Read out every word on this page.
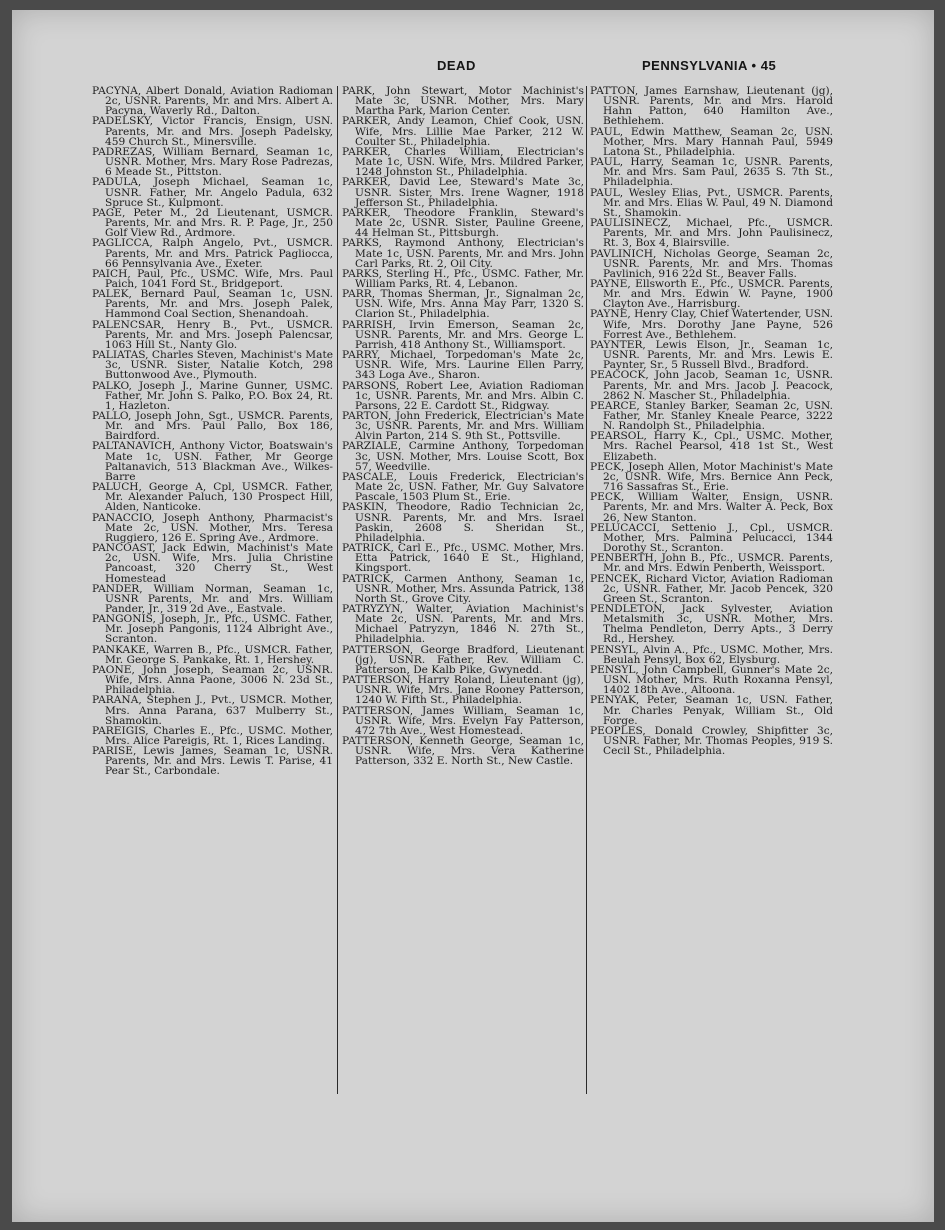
DEAD	PENNSYLVANIA • 45
PACYNA, Albert Donald, Aviation Radioman 2c, USNR. Parents, Mr. and Mrs. Albert A. Pacyna, Waverly Rd., Dalton.
PADELSKY, Victor Francis, Ensign, USN. Parents, Mr. and Mrs. Joseph Padelsky, 459 Church St., Minersville.
PADREZAS, William Bernard, Seaman 1c, USNR. Mother, Mrs. Mary Rose Padrezas, 6 Meade St., Pittston.
PADULA, Joseph Michael, Seaman 1c, USNR. Father, Mr. Angelo Padula, 632 Spruce St., Kulpmont.
PAGE, Peter M., 2d Lieutenant, USMCR. Parents, Mr. and Mrs. R. P. Page, Jr., 250 Golf View Rd., Ardmore.
PAGLICCA, Ralph Angelo, Pvt., USMCR. Parents, Mr. and Mrs. Patrick Pagliocca, 66 Pennsylvania Ave., Exeter.
PAICH, Paul, Pfc., USMC. Wife, Mrs. Paul Paich, 1041 Ford St., Bridgeport.
PALEK, Bernard Paul, Seaman 1c, USN. Parents, Mr. and Mrs. Joseph Palek, Hammond Coal Section, Shenandoah.
PALENCSAR, Henry B., Pvt., USMCR. Parents, Mr. and Mrs. Joseph Palencsar, 1063 Hill St., Nanty Glo.
PALIATAS, Charles Steven, Machinist's Mate 3c, USNR. Sister, Natalie Kotch, 298 Buttonwood Ave., Plymouth.
PALKO, Joseph J., Marine Gunner, USMC. Father, Mr. John S. Palko, P.O. Box 24, Rt. 1, Hazleton.
PALLO, Joseph John, Sgt., USMCR. Parents, Mr. and Mrs. Paul Pallo, Box 186, Bairdford.
PALTANAVICH, Anthony Victor, Boatswain's Mate 1c, USN. Father, Mr George Paltanavich, 513 Blackman Ave., Wilkes-Barre
PALUCH, George A, Cpl, USMCR. Father, Mr. Alexander Paluch, 130 Prospect Hill, Alden, Nanticoke.
PANACCIO, Joseph Anthony, Pharmacist's Mate 2c, USN. Mother, Mrs. Teresa Ruggiero, 126 E. Spring Ave., Ardmore.
PANCOAST, Jack Edwin, Machinist's Mate 2c, USN. Wife, Mrs. Julia Christine Pancoast, 320 Cherry St., West Homestead
PANDER, William Norman, Seaman 1c, USNR Parents, Mr. and Mrs. William Pander, Jr., 319 2d Ave., Eastvale.
PANGONIS, Joseph, Jr., Pfc., USMC. Father, Mr. Joseph Pangonis, 1124 Albright Ave., Scranton.
PANKAKE, Warren B., Pfc., USMCR. Father, Mr. George S. Pankake, Rt. 1, Hershey.
PAONE, John Joseph, Seaman 2c, USNR. Wife, Mrs. Anna Paone, 3006 N. 23d St., Philadelphia.
PARANA, Stephen J., Pvt., USMCR. Mother, Mrs. Anna Parana, 637 Mulberry St., Shamokin.
PAREIGIS, Charles E., Pfc., USMC. Mother, Mrs. Alice Pareigis, Rt. 1, Rices Landing.
PARISE, Lewis James, Seaman 1c, USNR. Parents, Mr. and Mrs. Lewis T. Parise, 41 Pear St., Carbondale.
PARK, John Stewart, Motor Machinist's Mate 3c, USNR. Mother, Mrs. Mary Martha Park, Marion Center.
PARKER, Andy Leamon, Chief Cook, USN. Wife, Mrs. Lillie Mae Parker, 212 W. Coulter St., Philadelphia.
PARKER, Charles William, Electrician's Mate 1c, USN. Wife, Mrs. Mildred Parker, 1248 Johnston St., Philadelphia.
PARKER, David Lee, Steward's Mate 3c, USNR. Sister, Mrs. Irene Wagner, 1918 Jefferson St., Philadelphia.
PARKER, Theodore Franklin, Steward's Mate 2c, USNR. Sister, Pauline Greene, 44 Helman St., Pittsburgh.
PARKS, Raymond Anthony, Electrician's Mate 1c, USN. Parents, Mr. and Mrs. John Carl Parks, Rt. 2, Oil City.
PARKS, Sterling H., Pfc., USMC. Father, Mr. William Parks, Rt. 4, Lebanon.
PARR, Thomas Sherman, Jr., Signalman 2c, USN. Wife, Mrs. Anna May Parr, 1320 S. Clarion St., Philadelphia.
PARRISH, Irvin Emerson, Seaman 2c, USNR. Parents, Mr. and Mrs. George L. Parrish, 418 Anthony St., Williamsport.
PARRY, Michael, Torpedoman's Mate 2c, USNR. Wife, Mrs. Laurine Ellen Parry, 343 Loga Ave., Sharon.
PARSONS, Robert Lee, Aviation Radioman 1c, USNR. Parents, Mr. and Mrs. Albin C. Parsons, 22 E. Cardott St., Ridgway.
PARTON, John Frederick, Electrician's Mate 3c, USNR. Parents, Mr. and Mrs. William Alvin Parton, 214 S. 9th St., Pottsville.
PARZIALE, Carmine Anthony, Torpedoman 3c, USN. Mother, Mrs. Louise Scott, Box 57, Weedville.
PASCALE, Louis Frederick, Electrician's Mate 2c, USN. Father, Mr. Guy Salvatore Pascale, 1503 Plum St., Erie.
PASKIN, Theodore, Radio Technician 2c, USNR. Parents, Mr. and Mrs. Israel Paskin, 2608 S. Sheridan St., Philadelphia.
PATRICK, Carl E., Pfc., USMC. Mother, Mrs. Etta Patrick, 1640 E St., Highland, Kingsport.
PATRICK, Carmen Anthony, Seaman 1c, USNR. Mother, Mrs. Assunda Patrick, 138 North St., Grove City.
PATRYZYN, Walter, Aviation Machinist's Mate 2c, USN. Parents, Mr. and Mrs. Michael Patryzyn, 1846 N. 27th St., Philadelphia.
PATTERSON, George Bradford, Lieutenant (jg), USNR. Father, Rev. William C. Patterson, De Kalb Pike, Gwynedd.
PATTERSON, Harry Roland, Lieutenant (jg), USNR. Wife, Mrs. Jane Rooney Patterson, 1240 W. Fifth St., Philadelphia.
PATTERSON, James William, Seaman 1c, USNR. Wife, Mrs. Evelyn Fay Patterson, 472 7th Ave., West Homestead.
PATTERSON, Kenneth George, Seaman 1c, USNR. Wife, Mrs. Vera Katherine Patterson, 332 E. North St., New Castle.
PATTON, James Earnshaw, Lieutenant (jg), USNR. Parents, Mr. and Mrs. Harold Hahn Patton, 640 Hamilton Ave., Bethlehem.
PAUL, Edwin Matthew, Seaman 2c, USN. Mother, Mrs. Mary Hannah Paul, 5949 Latona St., Philadelphia.
PAUL, Harry, Seaman 1c, USNR. Parents, Mr. and Mrs. Sam Paul, 2635 S. 7th St., Philadelphia.
PAUL, Wesley Elias, Pvt., USMCR. Parents, Mr. and Mrs. Elias W. Paul, 49 N. Diamond St., Shamokin.
PAULISINECZ, Michael, Pfc., USMCR. Parents, Mr. and Mrs. John Paulisinecz, Rt. 3, Box 4, Blairsville.
PAVLINICH, Nicholas George, Seaman 2c, USNR. Parents, Mr. and Mrs. Thomas Pavlinich, 916 22d St., Beaver Falls.
PAYNE, Ellsworth E., Pfc., USMCR. Parents, Mr. and Mrs. Edwin W. Payne, 1900 Clayton Ave., Harrisburg.
PAYNE, Henry Clay, Chief Watertender, USN. Wife, Mrs. Dorothy Jane Payne, 526 Forrest Ave., Bethlehem.
PAYNTER, Lewis Elson, Jr., Seaman 1c, USNR. Parents, Mr. and Mrs. Lewis E. Paynter, Sr., 5 Russell Blvd., Bradford.
PEACOCK, John Jacob, Seaman 1c, USNR. Parents, Mr. and Mrs. Jacob J. Peacock, 2862 N. Mascher St., Philadelphia.
PEARCE, Stanley Barker, Seaman 2c, USN. Father, Mr. Stanley Kneale Pearce, 3222 N. Randolph St., Philadelphia.
PEARSOL, Harry K., Cpl., USMC. Mother, Mrs. Rachel Pearsol, 418 1st St., West Elizabeth.
PECK, Joseph Allen, Motor Machinist's Mate 2c, USNR. Wife, Mrs. Bernice Ann Peck, 716 Sassafras St., Erie.
PECK, William Walter, Ensign, USNR. Parents, Mr. and Mrs. Walter A. Peck, Box 26, New Stanton.
PELUCACCI, Settenio J., Cpl., USMCR. Mother, Mrs. Palmina Pelucacci, 1344 Dorothy St., Scranton.
PENBERTH, John B., Pfc., USMCR. Parents, Mr. and Mrs. Edwin Penberth, Weissport.
PENCEK, Richard Victor, Aviation Radioman 2c, USNR. Father, Mr. Jacob Pencek, 320 Green St., Scranton.
PENDLETON, Jack Sylvester, Aviation Metalsmith 3c, USNR. Mother, Mrs. Thelma Pendleton, Derry Apts., 3 Derry Rd., Hershey.
PENSYL, Alvin A., Pfc., USMC. Mother, Mrs. Beulah Pensyl, Box 62, Elysburg.
PENSYL, John Campbell, Gunner's Mate 2c, USN. Mother, Mrs. Ruth Roxanna Pensyl, 1402 18th Ave., Altoona.
PENYAK, Peter, Seaman 1c, USN. Father, Mr. Charles Penyak, William St., Old Forge.
PEOPLES, Donald Crowley, Shipfitter 3c, USNR. Father, Mr. Thomas Peoples, 919 S. Cecil St., Philadelphia.
